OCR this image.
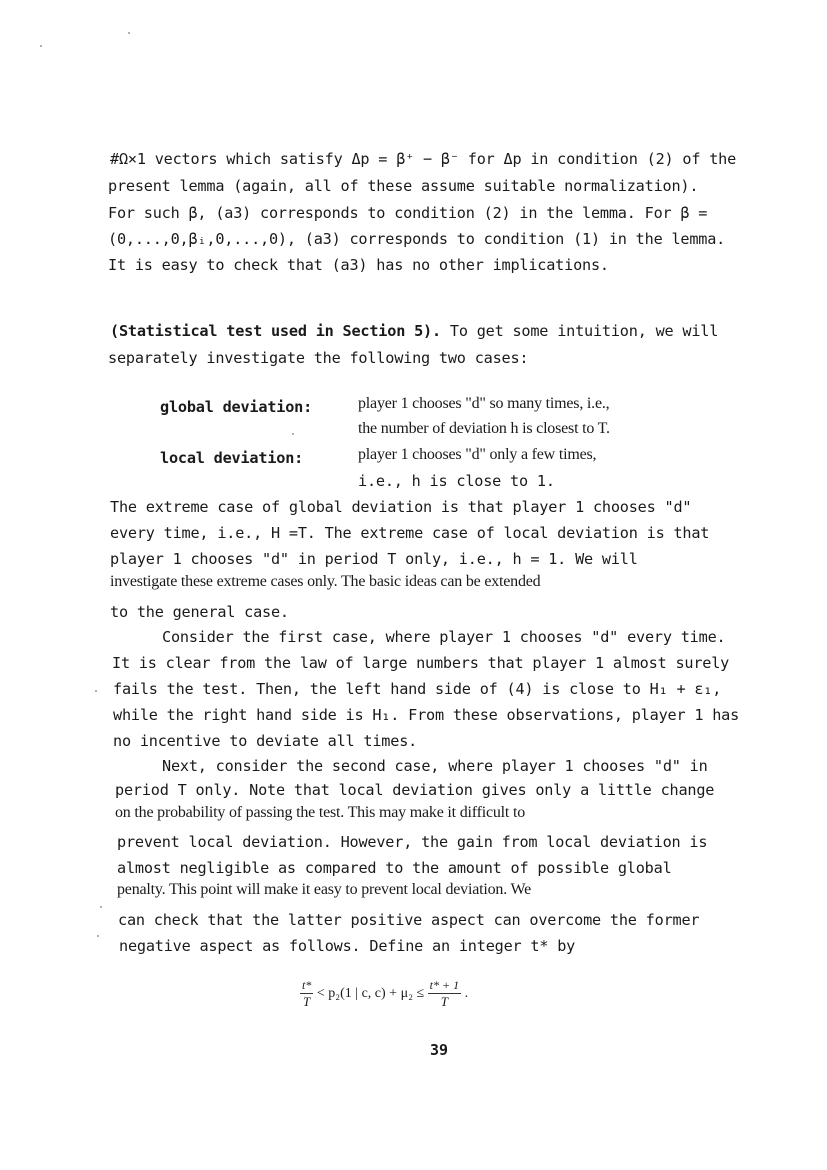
#Ω×1 vectors which satisfy Δp = β⁺ − β⁻ for Δp in condition (2) of the
present lemma (again, all of these assume suitable normalization).
For such β, (a3) corresponds to condition (2) in the lemma. For β =
(0,...,0,βᵢ,0,...,0), (a3) corresponds to condition (1) in the lemma.
It is easy to check that (a3) has no other implications.
(Statistical test used in Section 5). To get some intuition, we will
separately investigate the following two cases:
global deviation:	player 1 chooses "d" so many times, i.e.,
the number of deviation h is closest to T.
local deviation:	player 1 chooses "d" only a few times,
i.e., h is close to 1.
The extreme case of global deviation is that player 1 chooses "d"
every time, i.e., H =T. The extreme case of local deviation is that
player 1 chooses "d" in period T only, i.e., h = 1. We will
investigate these extreme cases only. The basic ideas can be extended
to the general case.
Consider the first case, where player 1 chooses "d" every time.
It is clear from the law of large numbers that player 1 almost surely
fails the test. Then, the left hand side of (4) is close to H₁ + ε₁,
while the right hand side is H₁. From these observations, player 1 has
no incentive to deviate all times.
Next, consider the second case, where player 1 chooses "d" in
period T only. Note that local deviation gives only a little change
on the probability of passing the test. This may make it difficult to
prevent local deviation. However, the gain from local deviation is
almost negligible as compared to the amount of possible global
penalty. This point will make it easy to prevent local deviation. We
can check that the latter positive aspect can overcome the former
negative aspect as follows. Define an integer t* by
$\frac{t*}{T} < p_2(1$ | c, $c) + \mu_2 \le \frac{t* + 1}{T}$ .
39
